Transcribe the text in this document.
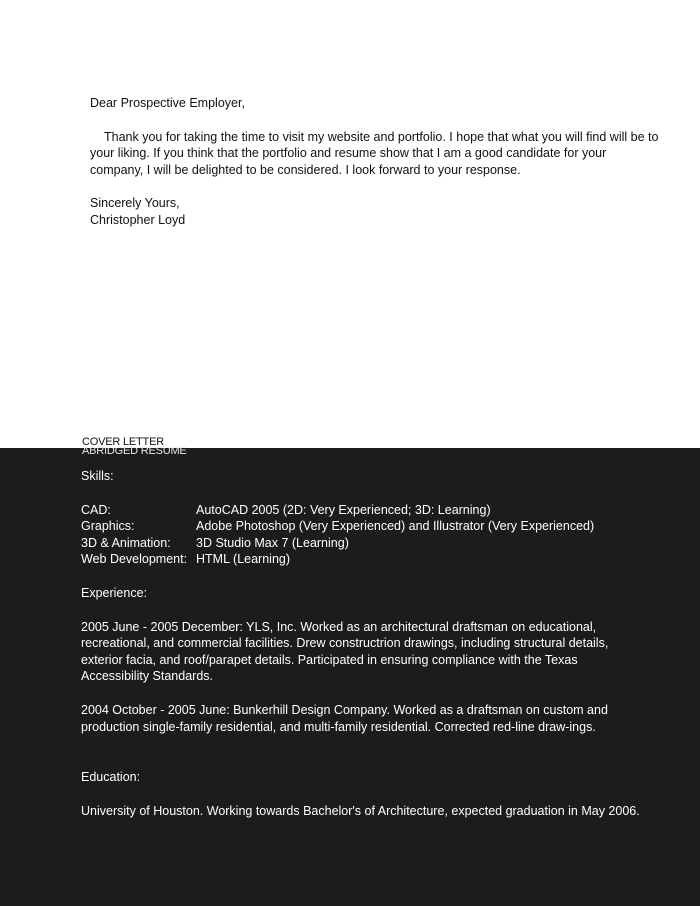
Dear Prospective Employer,

Thank you for taking the time to visit my website and portfolio. I hope that what you will find will be to your liking. If you think that the portfolio and resume show that I am a good candidate for your company, I will be delighted to be considered. I look forward to your response.

Sincerely Yours,

Christopher Loyd

Skills:

CAD:	AutoCAD 2005 (2D: Very Experienced; 3D: Learning)
Graphics:	Adobe Photoshop (Very Experienced) and Illustrator (Very Experienced)
3D & Animation:	3D Studio Max 7 (Learning)
Web Development: HTML (Learning)

Experience:

2005 June - 2005 December: YLS, Inc. Worked as an architectural draftsman on educational, recreational, and commercial facilities. Drew constructrion drawings, including structural details, exterior facia, and roof/parapet details. Participated in ensuring compliance with the Texas Accessibility Standards.

2004 October - 2005 June: Bunkerhill Design Company. Worked as a draftsman on custom and production single-family residential, and multi-family residential. Corrected red-line draw-ings.

Education:

University of Houston. Working towards Bachelor's of Architecture, expected graduation in May 2006.

COVER LETTER
ABRIDGED RESUME
